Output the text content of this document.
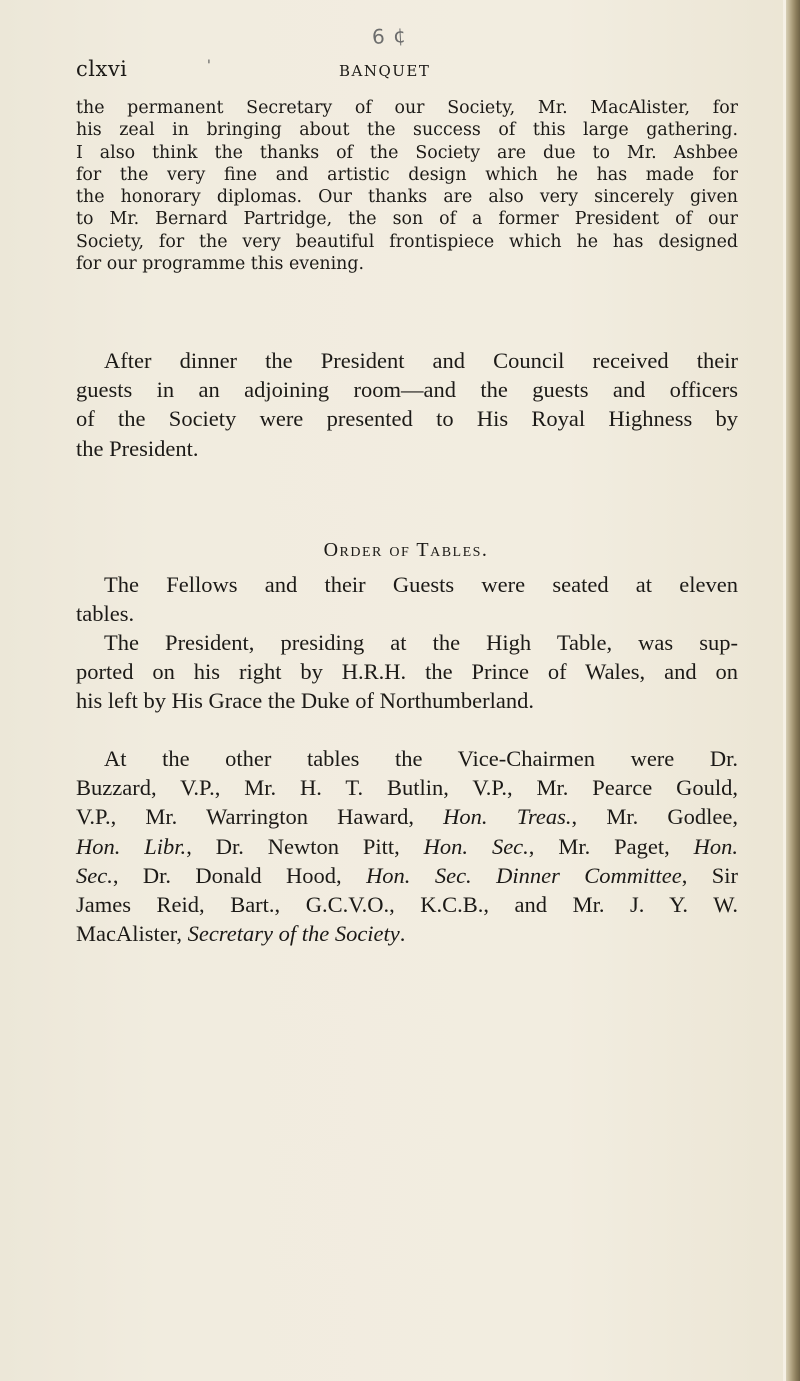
6 ¢
clxvi	'	BANQUET

the permanent Secretary of our Society, Mr. MacAlister, for
his zeal in bringing about the success of this large gathering.
I also think the thanks of the Society are due to Mr. Ashbee
for the very fine and artistic design which he has made for
the honorary diplomas. Our thanks are also very sincerely given
to Mr. Bernard Partridge, the son of a former President of our
Society, for the very beautiful frontispiece which he has designed
for our programme this evening.

After dinner the President and Council received their
guests in an adjoining room—and the guests and officers
of the Society were presented to His Royal Highness by
the President.

Order of Tables.

The Fellows and their Guests were seated at eleven
tables.

The President, presiding at the High Table, was sup-
ported on his right by H.R.H. the Prince of Wales, and on
his left by His Grace the Duke of Northumberland.

At the other tables the Vice-Chairmen were Dr.
Buzzard, V.P., Mr. H. T. Butlin, V.P., Mr. Pearce Gould,
V.P., Mr. Warrington Haward, Hon. Treas., Mr. Godlee,
Hon. Libr., Dr. Newton Pitt, Hon. Sec., Mr. Paget, Hon.
Sec., Dr. Donald Hood, Hon. Sec. Dinner Committee, Sir
James Reid, Bart., G.C.V.O., K.C.B., and Mr. J. Y. W.
MacAlister, Secretary of the Society.
